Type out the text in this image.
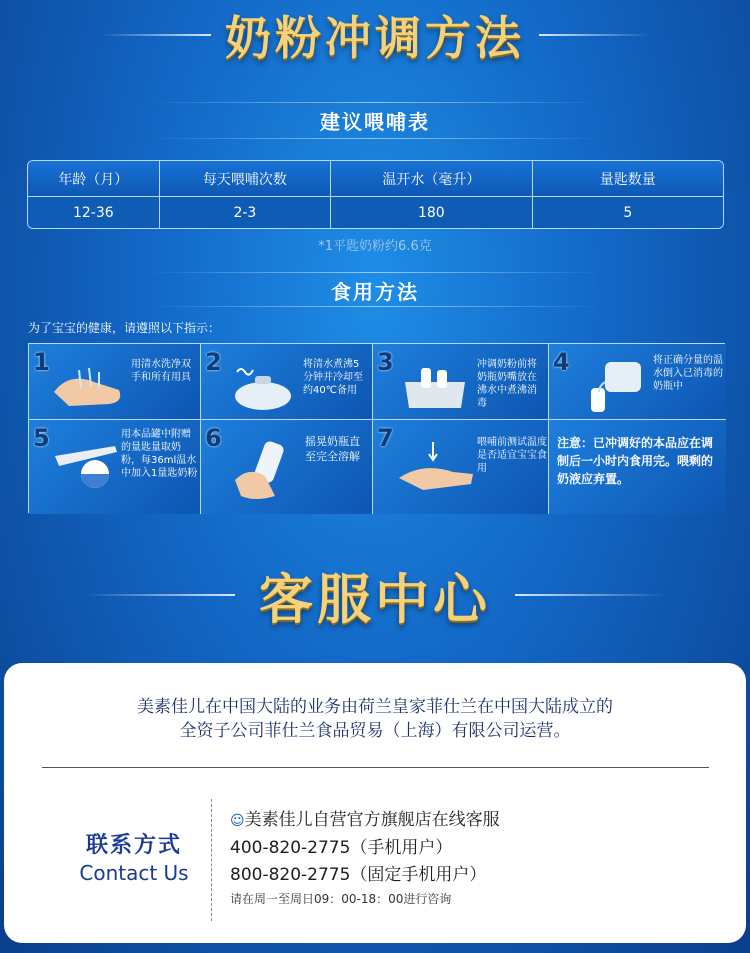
奶粉冲调方法
建议喂哺表
年龄（月）	每天喂哺次数	温开水（毫升）	量匙数量
12-36	2-3	180	5
*1平匙奶粉约6.6克
食用方法
为了宝宝的健康，请遵照以下指示：
1	用清水洗净双手和所有用具
2	将清水煮沸5分钟并冷却至约40℃备用
3	冲调奶粉前将奶瓶奶嘴放在沸水中煮沸消毒
4	将正确分量的温水倒入已消毒的奶瓶中
5	用本品罐中附赠的量匙量取奶粉，每36ml温水中加入1量匙奶粉
6	摇晃奶瓶直至完全溶解
7	喂哺前测试温度是否适宜宝宝食用
注意：已冲调好的本品应在调制后一小时内食用完。喂剩的奶液应弃置。
客服中心
美素佳儿在中国大陆的业务由荷兰皇家菲仕兰在中国大陆成立的
全资子公司菲仕兰食品贸易（上海）有限公司运营。
联系方式
Contact Us
☺美素佳儿自营官方旗舰店在线客服
400-820-2775（手机用户）
800-820-2775（固定手机用户）
请在周一至周日09：00-18：00进行咨询
